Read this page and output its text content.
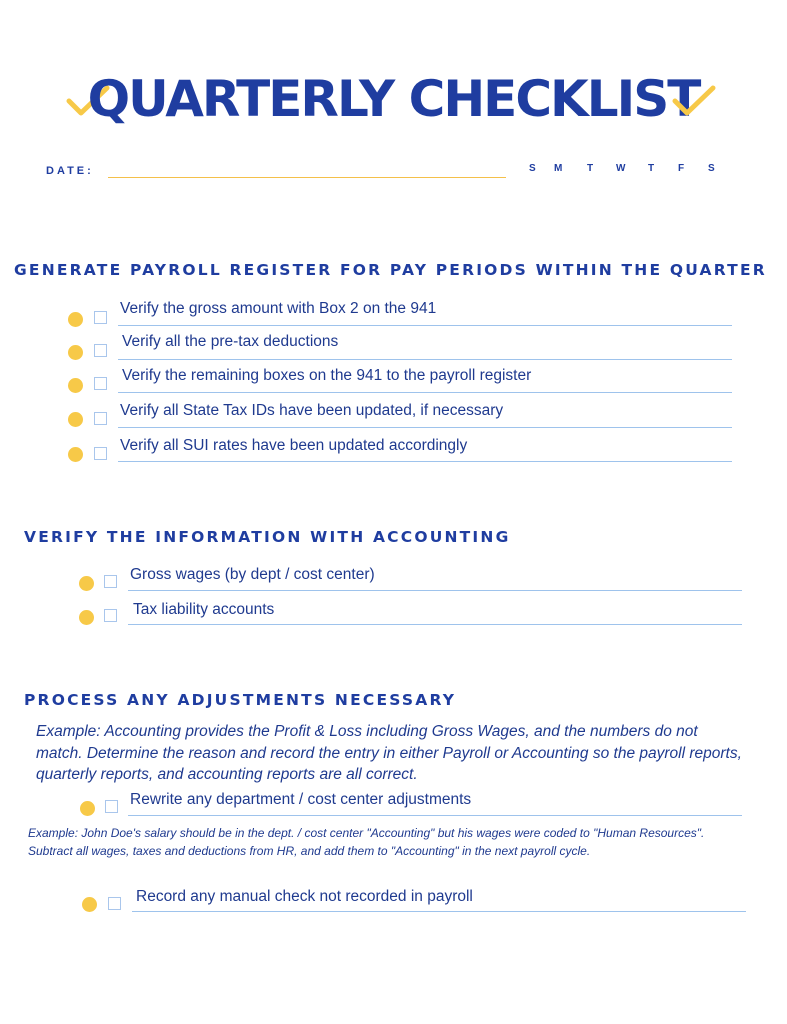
QUARTERLY CHECKLIST
DATE:	S M T W T F S
GENERATE PAYROLL REGISTER FOR PAY PERIODS WITHIN THE QUARTER
Verify the gross amount with Box 2 on the 941
Verify all the pre-tax deductions
Verify the remaining boxes on the 941 to the payroll register
Verify all State Tax IDs have been updated, if necessary
Verify all SUI rates have been updated accordingly
VERIFY THE INFORMATION WITH ACCOUNTING
Gross wages (by dept / cost center)
Tax liability accounts
PROCESS ANY ADJUSTMENTS NECESSARY
Example: Accounting provides the Profit & Loss including Gross Wages, and the numbers do not match. Determine the reason and record the entry in either Payroll or Accounting so the payroll reports, quarterly reports, and accounting reports are all correct.
Rewrite any department / cost center adjustments
Example: John Doe's salary should be in the dept. / cost center "Accounting" but his wages were coded to "Human Resources". Subtract all wages, taxes and deductions from HR, and add them to "Accounting" in the next payroll cycle.
Record any manual check not recorded in payroll
